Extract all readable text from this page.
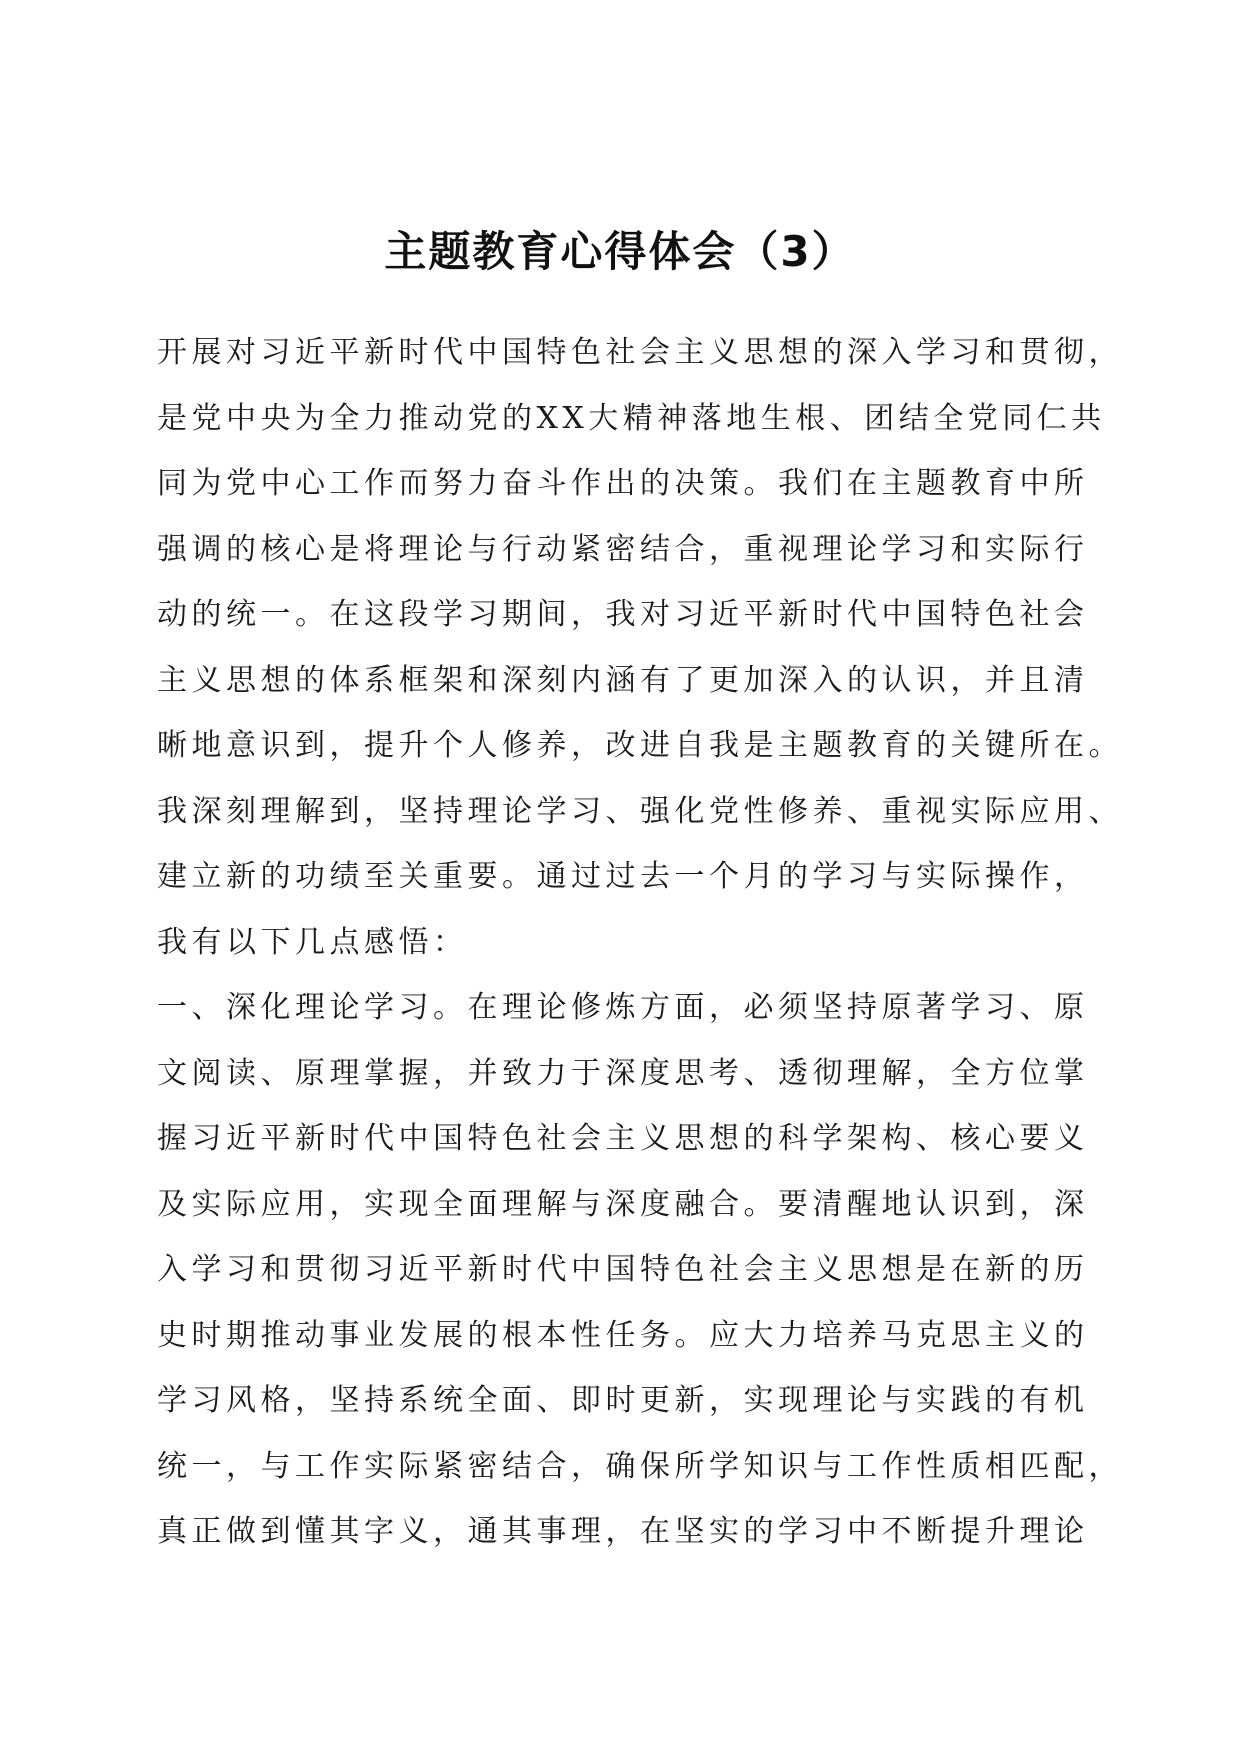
主题教育心得体会（3）
开展对习近平新时代中国特色社会主义思想的深入学习和贯彻，
是党中央为全力推动党的XX大精神落地生根、团结全党同仁共
同为党中心工作而努力奋斗作出的决策。我们在主题教育中所
强调的核心是将理论与行动紧密结合，重视理论学习和实际行
动的统一。在这段学习期间，我对习近平新时代中国特色社会
主义思想的体系框架和深刻内涵有了更加深入的认识，并且清
晰地意识到，提升个人修养，改进自我是主题教育的关键所在。
我深刻理解到，坚持理论学习、强化党性修养、重视实际应用、
建立新的功绩至关重要。通过过去一个月的学习与实际操作，
我有以下几点感悟：
一、深化理论学习。在理论修炼方面，必须坚持原著学习、原
文阅读、原理掌握，并致力于深度思考、透彻理解，全方位掌
握习近平新时代中国特色社会主义思想的科学架构、核心要义
及实际应用，实现全面理解与深度融合。要清醒地认识到，深
入学习和贯彻习近平新时代中国特色社会主义思想是在新的历
史时期推动事业发展的根本性任务。应大力培养马克思主义的
学习风格，坚持系统全面、即时更新，实现理论与实践的有机
统一，与工作实际紧密结合，确保所学知识与工作性质相匹配，
真正做到懂其字义，通其事理，在坚实的学习中不断提升理论
